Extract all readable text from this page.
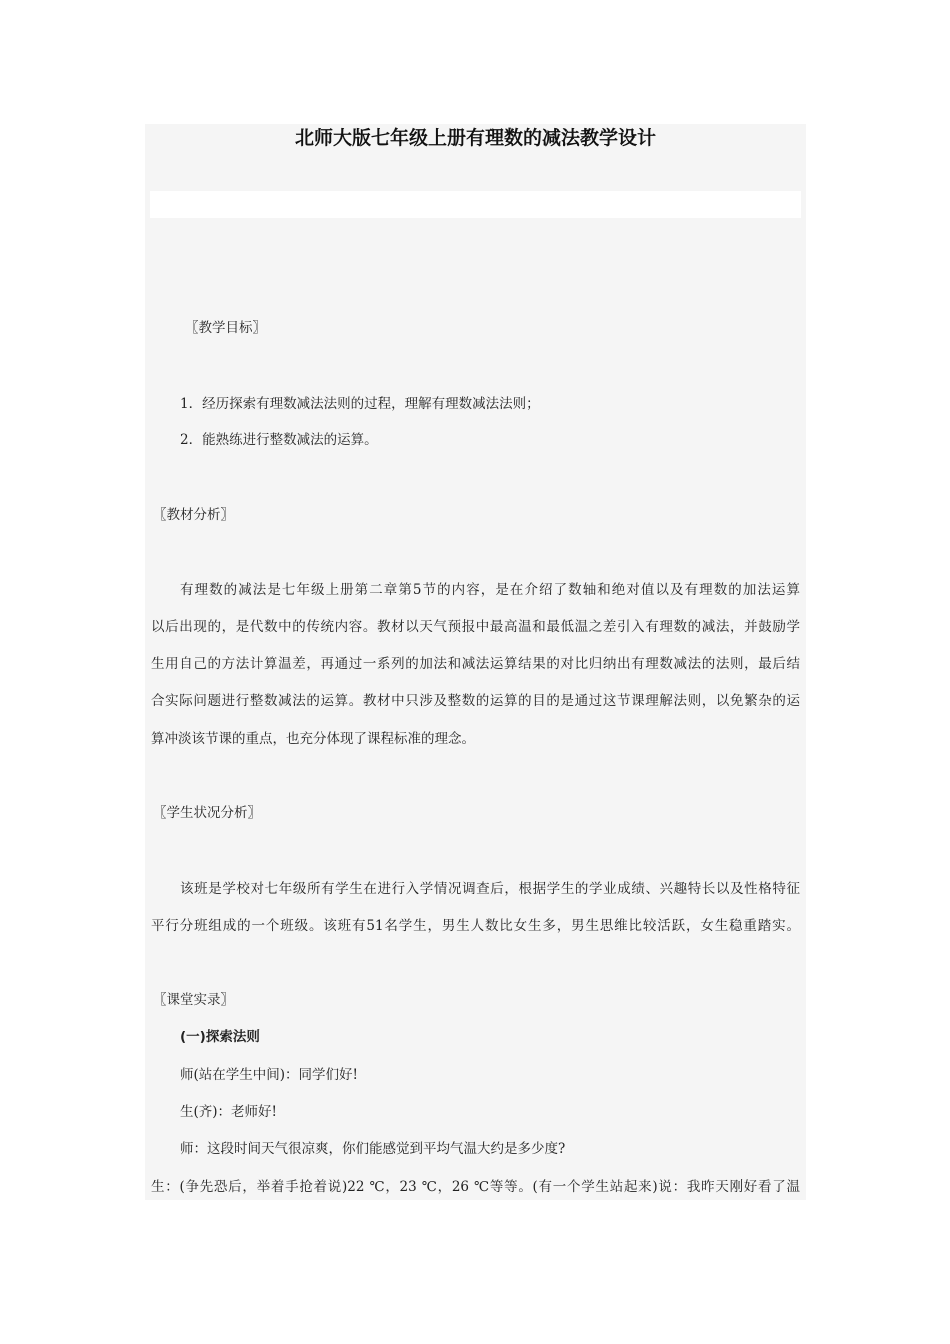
北师大版七年级上册有理数的减法教学设计

〖教学目标〗

1．经历探索有理数减法法则的过程，理解有理数减法法则；

2．能熟练进行整数减法的运算。

〖教材分析〗

有理数的减法是七年级上册第二章第5节的内容，是在介绍了数轴和绝对值以及有理数的加法运算

以后出现的，是代数中的传统内容。教材以天气预报中最高温和最低温之差引入有理数的减法，并鼓励学

生用自己的方法计算温差，再通过一系列的加法和减法运算结果的对比归纳出有理数减法的法则，最后结

合实际问题进行整数减法的运算。教材中只涉及整数的运算的目的是通过这节课理解法则，以免繁杂的运

算冲淡该节课的重点，也充分体现了课程标准的理念。

〖学生状况分析〗

该班是学校对七年级所有学生在进行入学情况调查后，根据学生的学业成绩、兴趣特长以及性格特征

平行分班组成的一个班级。该班有51名学生，男生人数比女生多，男生思维比较活跃，女生稳重踏实。

〖课堂实录〗

(一)探索法则

师(站在学生中间)：同学们好!

生(齐)：老师好!

师：这段时间天气很凉爽，你们能感觉到平均气温大约是多少度?

生：(争先恐后，举着手抢着说)22 ℃，23 ℃，26 ℃等等。(有一个学生站起来)说：我昨天刚好看了温
